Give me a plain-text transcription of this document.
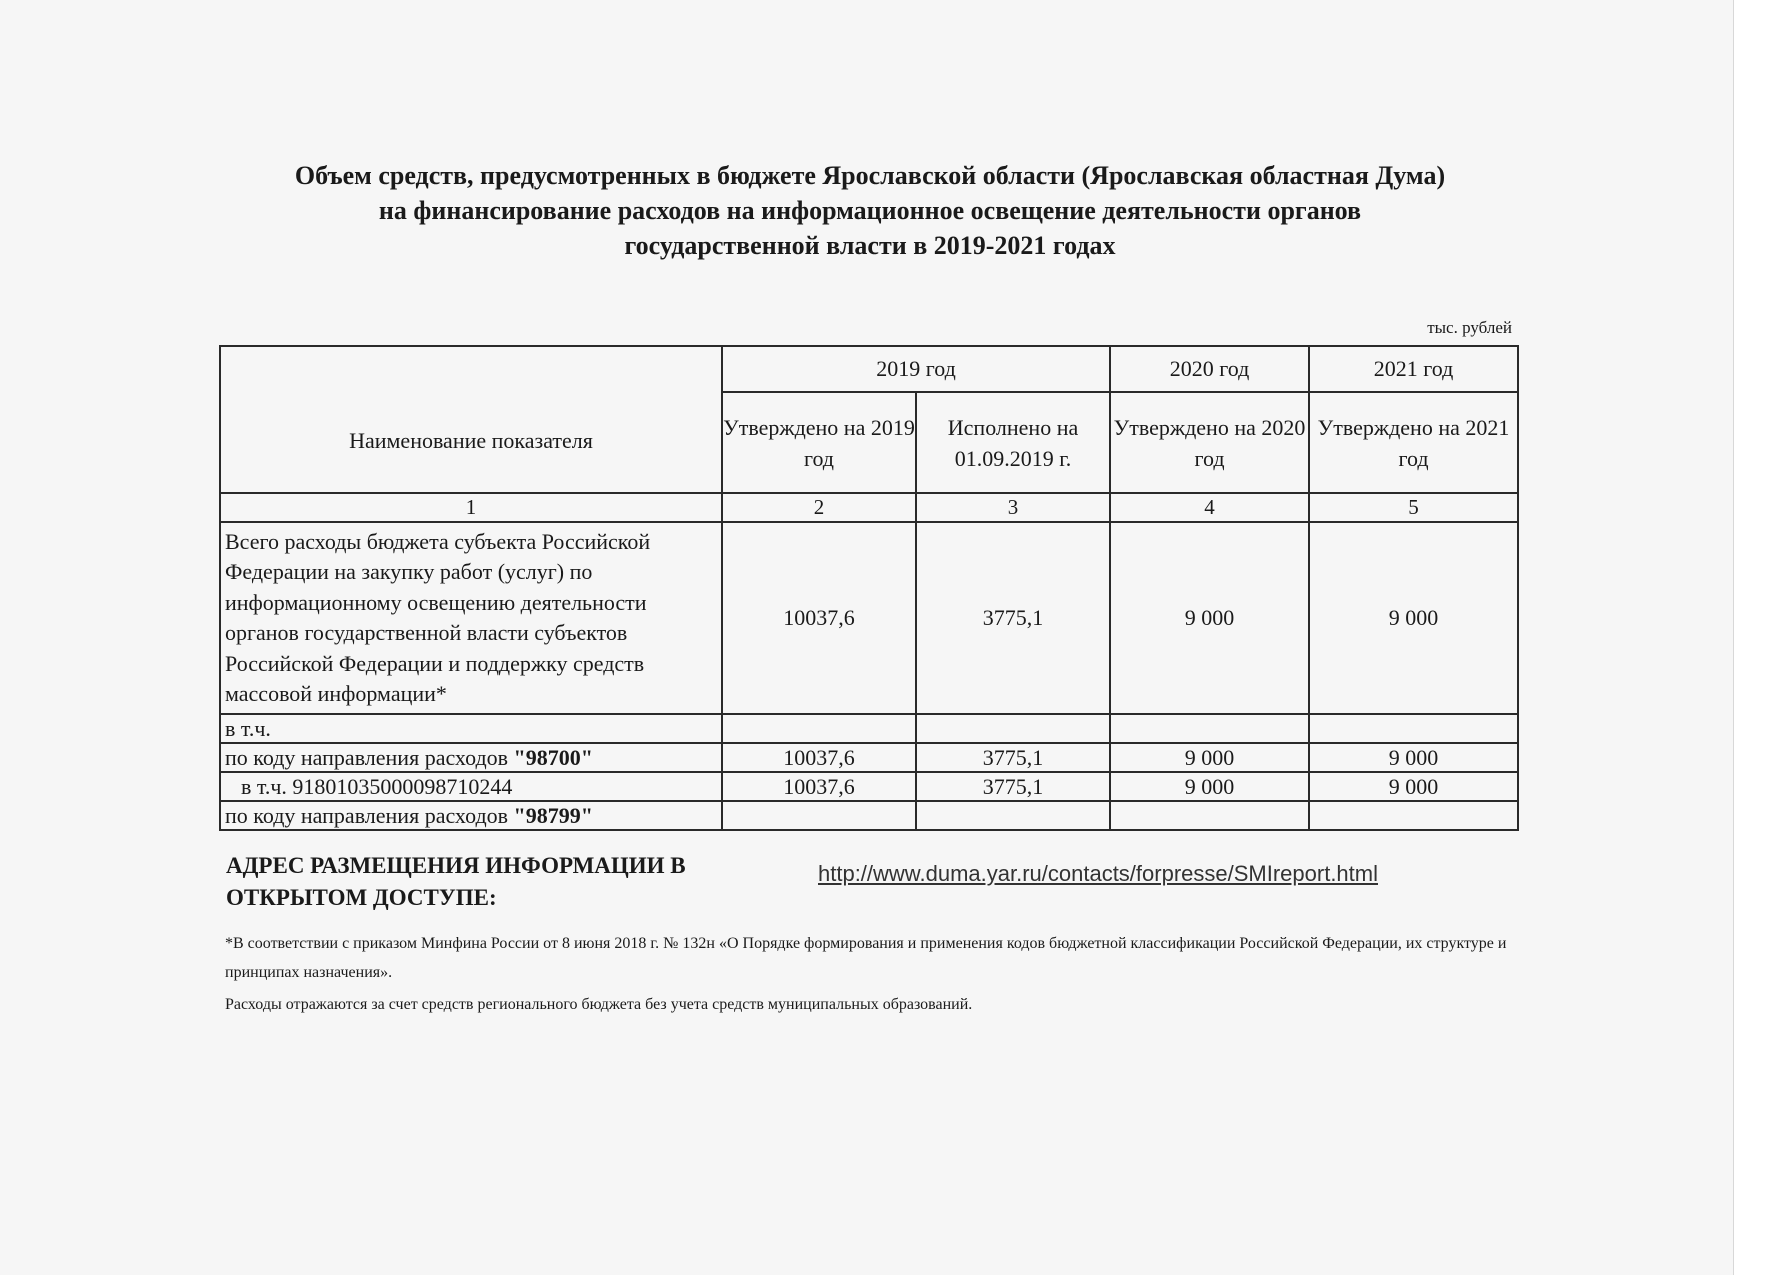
Объем средств, предусмотренных в бюджете Ярославской области (Ярославская областная Дума)
на финансирование расходов на информационное освещение деятельности органов
государственной власти в 2019-2021 годах
тыс. рублей
Наименование показателя	2019 год		2020 год	2021 год
	Утверждено на 2019 год	Исполнено на 01.09.2019 г.	Утверждено на 2020 год	Утверждено на 2021 год
1	2	3	4	5
Всего расходы бюджета субъекта Российской Федерации на закупку работ (услуг) по информационному освещению деятельности органов государственной власти субъектов Российской Федерации и поддержку средств массовой информации*	10037,6	3775,1	9 000	9 000
в т.ч.				
по коду направления расходов "98700"	10037,6	3775,1	9 000	9 000
в т.ч. 91801035000098710244	10037,6	3775,1	9 000	9 000
по коду направления расходов "98799"				
АДРЕС РАЗМЕЩЕНИЯ ИНФОРМАЦИИ В ОТКРЫТОМ ДОСТУПЕ:
http://www.duma.yar.ru/contacts/forpresse/SMIreport.html
*В соответствии с приказом Минфина России от 8 июня 2018 г. № 132н «О Порядке формирования и применения кодов бюджетной классификации Российской Федерации, их структуре и принципах назначения».
Расходы отражаются за счет средств регионального бюджета без учета средств муниципальных образований.
